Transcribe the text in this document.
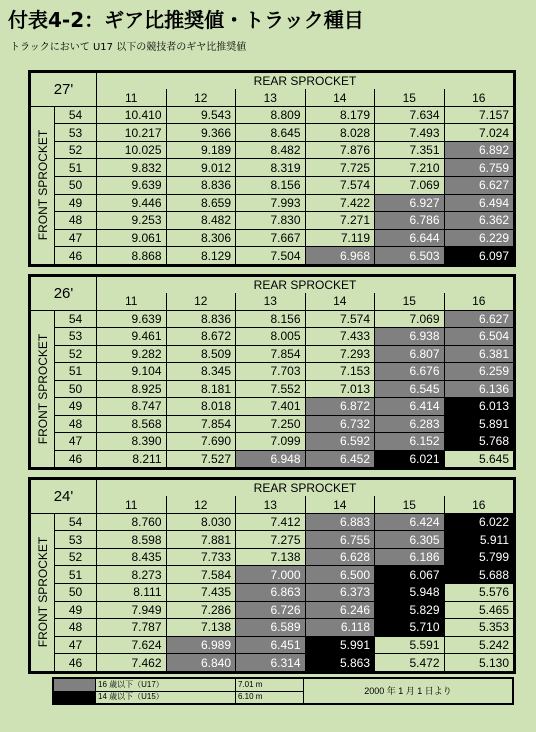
付表4-2：ギア比推奨値・トラック種目
トラックにおいて U17 以下の競技者のギヤ比推奨値
27'		REAR SPROCKET					
		11	12	13	14	15	16

FRONT SPROCKET	54	10.410	9.543	8.809	8.179	7.634	7.157
	53	10.217	9.366	8.645	8.028	7.493	7.024
	52	10.025	9.189	8.482	7.876	7.351	6.892
	51	9.832	9.012	8.319	7.725	7.210	6.759
	50	9.639	8.836	8.156	7.574	7.069	6.627
	49	9.446	8.659	7.993	7.422	6.927	6.494
	48	9.253	8.482	7.830	7.271	6.786	6.362
	47	9.061	8.306	7.667	7.119	6.644	6.229
	46	8.868	8.129	7.504	6.968	6.503	6.097
26'		REAR SPROCKET					
		11	12	13	14	15	16

FRONT SPROCKET	54	9.639	8.836	8.156	7.574	7.069	6.627
	53	9.461	8.672	8.005	7.433	6.938	6.504
	52	9.282	8.509	7.854	7.293	6.807	6.381
	51	9.104	8.345	7.703	7.153	6.676	6.259
	50	8.925	8.181	7.552	7.013	6.545	6.136
	49	8.747	8.018	7.401	6.872	6.414	6.013
	48	8.568	7.854	7.250	6.732	6.283	5.891
	47	8.390	7.690	7.099	6.592	6.152	5.768
	46	8.211	7.527	6.948	6.452	6.021	5.645
24'		REAR SPROCKET					
		11	12	13	14	15	16

FRONT SPROCKET	54	8.760	8.030	7.412	6.883	6.424	6.022
	53	8.598	7.881	7.275	6.755	6.305	5.911
	52	8.435	7.733	7.138	6.628	6.186	5.799
	51	8.273	7.584	7.000	6.500	6.067	5.688
	50	8.111	7.435	6.863	6.373	5.948	5.576
	49	7.949	7.286	6.726	6.246	5.829	5.465
	48	7.787	7.138	6.589	6.118	5.710	5.353
	47	7.624	6.989	6.451	5.991	5.591	5.242
	46	7.462	6.840	6.314	5.863	5.472	5.130
	16 歳以下（U17）	7.01 m	2000 年 1 月 1 日より
	14 歳以下（U15）	6.10 m	
